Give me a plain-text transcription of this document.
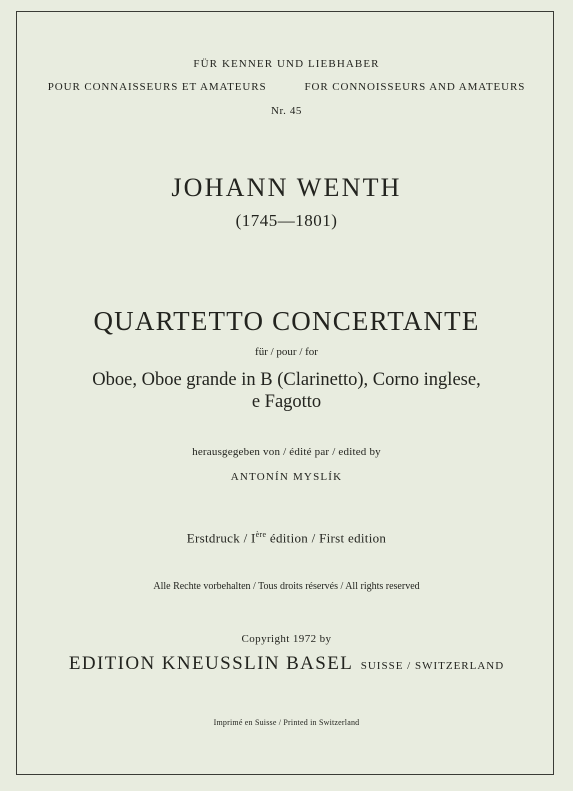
FÜR KENNER UND LIEBHABER
POUR CONNAISSEURS ET AMATEURS	FOR CONNOISSEURS AND AMATEURS
Nr. 45
JOHANN WENTH
(1745—1801)
QUARTETTO CONCERTANTE
für / pour / for
Oboe, Oboe grande in B (Clarinetto), Corno inglese,
e Fagotto
herausgegeben von / édité par / edited by
ANTONÍN MYSLÍK
Erstdruck / Ière édition / First edition
Alle Rechte vorbehalten / Tous droits réservés / All rights reserved
Copyright 1972 by
EDITION KNEUSSLIN BASEL SUISSE / SWITZERLAND
Imprimé en Suisse / Printed in Switzerland
